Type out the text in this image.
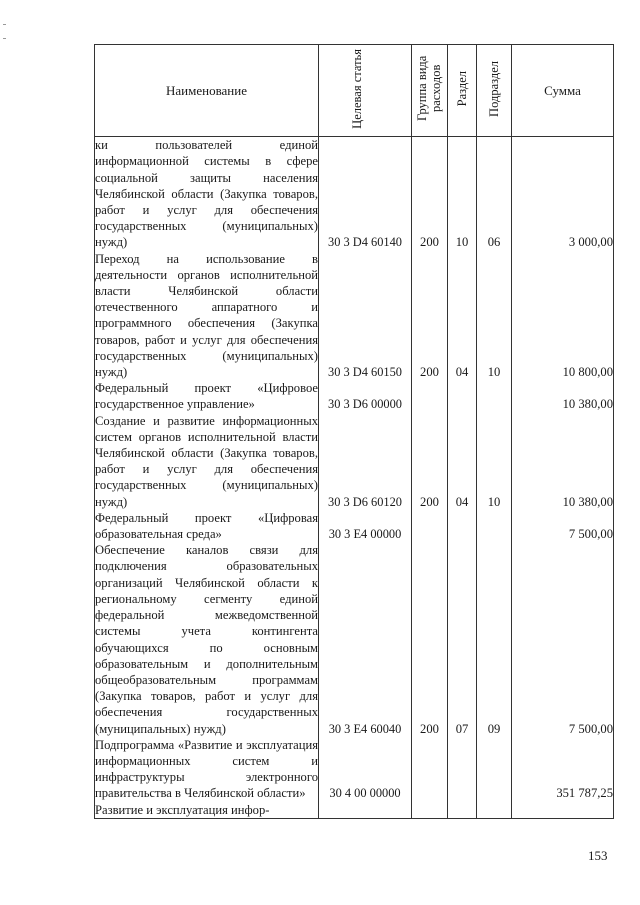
Наименование	Целевая статья	Группа вида расходов	Раздел	Подраздел	Сумма
ки пользователей единой информационной системы в сфере социальной защиты населения Челябинской области (Закупка товаров, работ и услуг для обеспечения государственных (муниципальных) нужд)	30 3 D4 60140	200	10	06	3 000,00
Переход на использование в деятельности органов исполнительной власти Челябинской области отечественного аппаратного и программного обеспечения (Закупка товаров, работ и услуг для обеспечения государственных (муниципальных) нужд)	30 3 D4 60150	200	04	10	10 800,00
Федеральный проект «Цифровое государственное управление»	30 3 D6 00000				10 380,00
Создание и развитие информационных систем органов исполнительной власти Челябинской области (Закупка товаров, работ и услуг для обеспечения государственных (муниципальных) нужд)	30 3 D6 60120	200	04	10	10 380,00
Федеральный проект «Цифровая образовательная среда»	30 3 E4 00000				7 500,00
Обеспечение каналов связи для подключения образовательных организаций Челябинской области к региональному сегменту единой федеральной межведомственной системы учета контингента обучающихся по основным образовательным и дополнительным общеобразовательным программам (Закупка товаров, работ и услуг для обеспечения государственных (муниципальных) нужд)	30 3 E4 60040	200	07	09	7 500,00
Подпрограмма «Развитие и эксплуатация информационных систем и инфраструктуры электронного правительства в Челябинской области»	30 4 00 00000				351 787,25
Развитие и эксплуатация инфор-					
153
